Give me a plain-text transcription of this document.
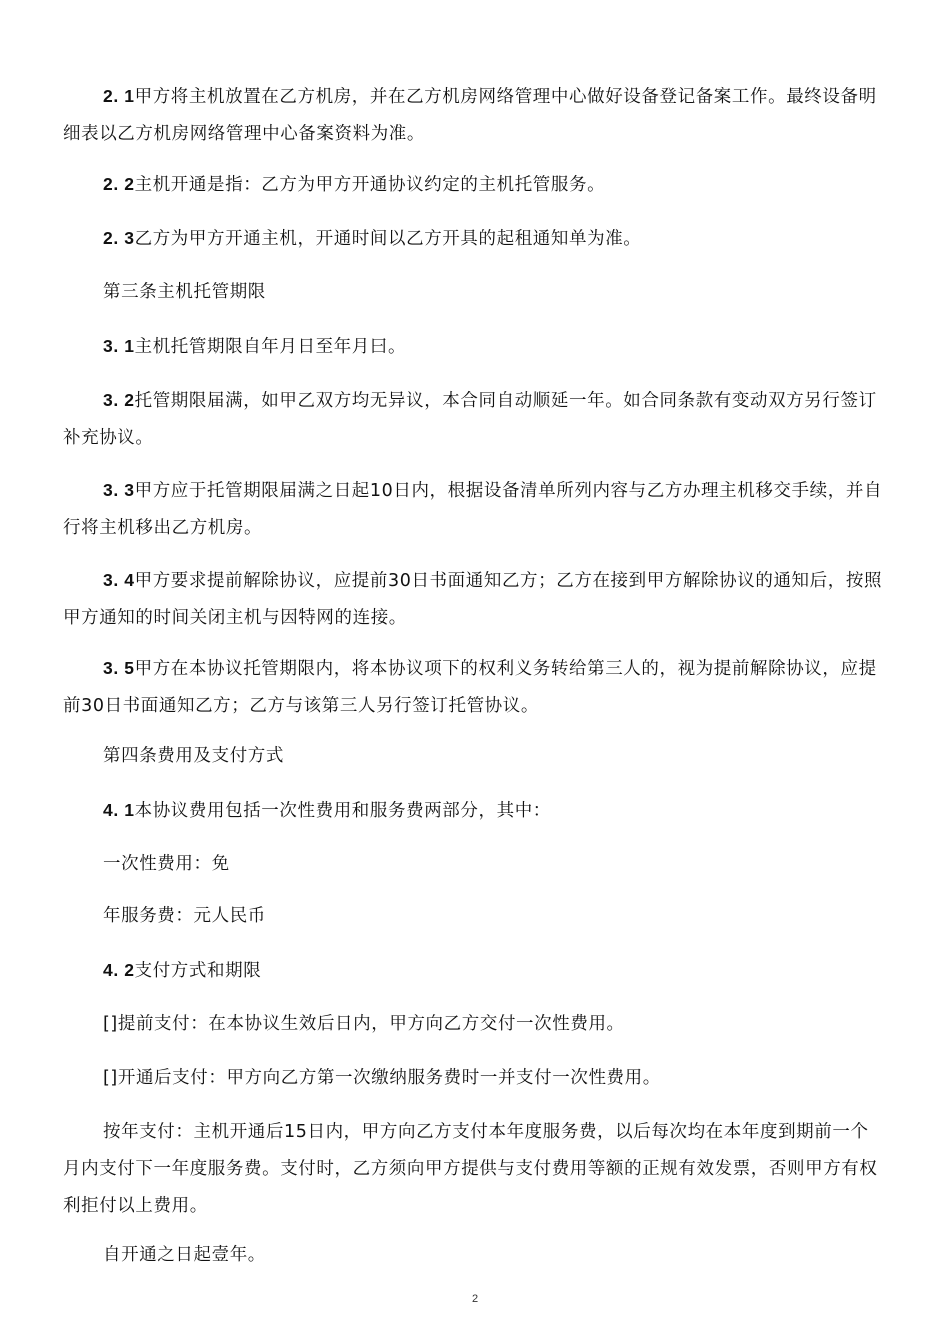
2. 1甲方将主机放置在乙方机房，并在乙方机房网络管理中心做好设备登记备案工作。最终设备明细表以乙方机房网络管理中心备案资料为准。

2. 2主机开通是指：乙方为甲方开通协议约定的主机托管服务。

2. 3乙方为甲方开通主机，开通时间以乙方开具的起租通知单为准。

第三条主机托管期限

3. 1主机托管期限自年月日至年月曰。

3. 2托管期限届满，如甲乙双方均无异议，本合同自动顺延一年。如合同条款有变动双方另行签订补充协议。

3. 3甲方应于托管期限届满之日起10日内，根据设备清单所列内容与乙方办理主机移交手续，并自行将主机移出乙方机房。

3. 4甲方要求提前解除协议，应提前30日书面通知乙方；乙方在接到甲方解除协议的通知后，按照甲方通知的时间关闭主机与因特网的连接。

3. 5甲方在本协议托管期限内，将本协议项下的权利义务转给第三人的，视为提前解除协议，应提前30日书面通知乙方；乙方与该第三人另行签订托管协议。

第四条费用及支付方式

4. 1本协议费用包括一次性费用和服务费两部分，其中：

一次性费用：免

年服务费：元人民币

4. 2支付方式和期限

[]提前支付：在本协议生效后日内，甲方向乙方交付一次性费用。

[]开通后支付：甲方向乙方第一次缴纳服务费时一并支付一次性费用。

按年支付：主机开通后15日内，甲方向乙方支付本年度服务费，以后每次均在本年度到期前一个月内支付下一年度服务费。支付时，乙方须向甲方提供与支付费用等额的正规有效发票，否则甲方有权利拒付以上费用。

自开通之日起壹年。

2
